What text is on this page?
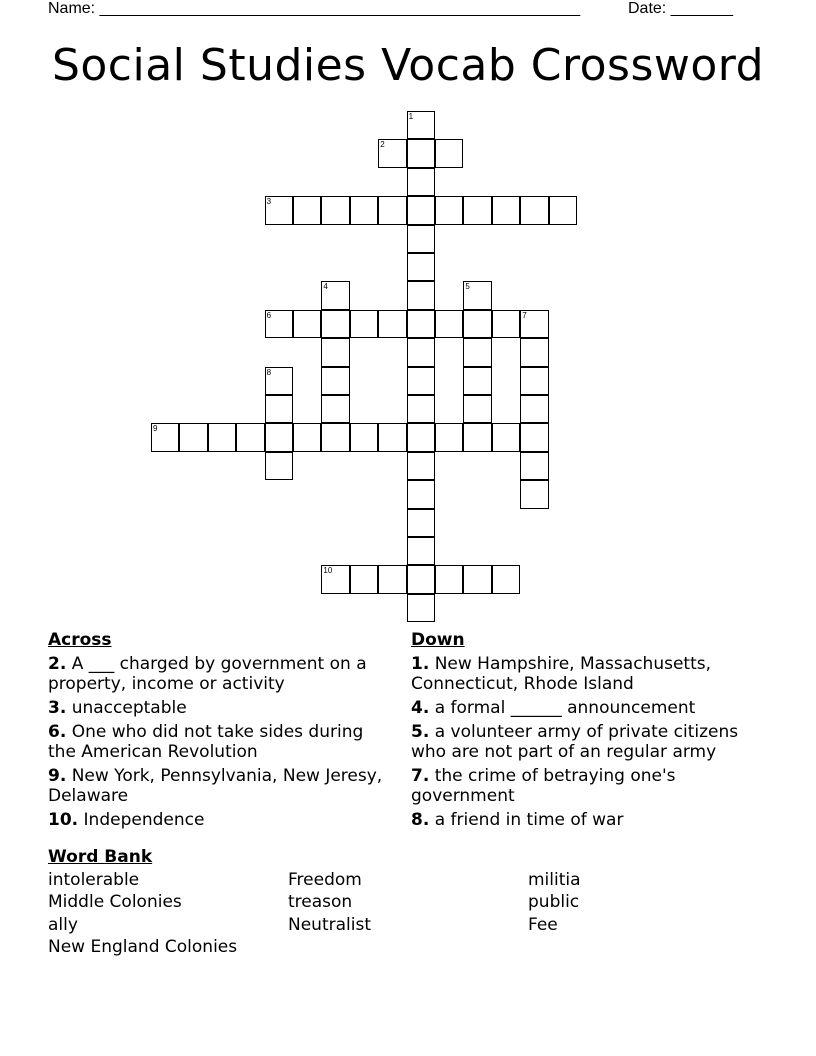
Name: ______________________________________________________	Date: _______
Social Studies Vocab Crossword
1
2
3
4	5
6	7
8
9
10
Across
2. A ___ charged by government on a property, income or activity
3. unacceptable
6. One who did not take sides during the American Revolution
9. New York, Pennsylvania, New Jeresy, Delaware
10. Independence
Down
1. New Hampshire, Massachusetts, Connecticut, Rhode Island
4. a formal ______ announcement
5. a volunteer army of private citizens who are not part of an regular army
7. the crime of betraying one's government
8. a friend in time of war
Word Bank
intolerable
Middle Colonies
ally
New England Colonies
Freedom
treason
Neutralist
militia
public
Fee
